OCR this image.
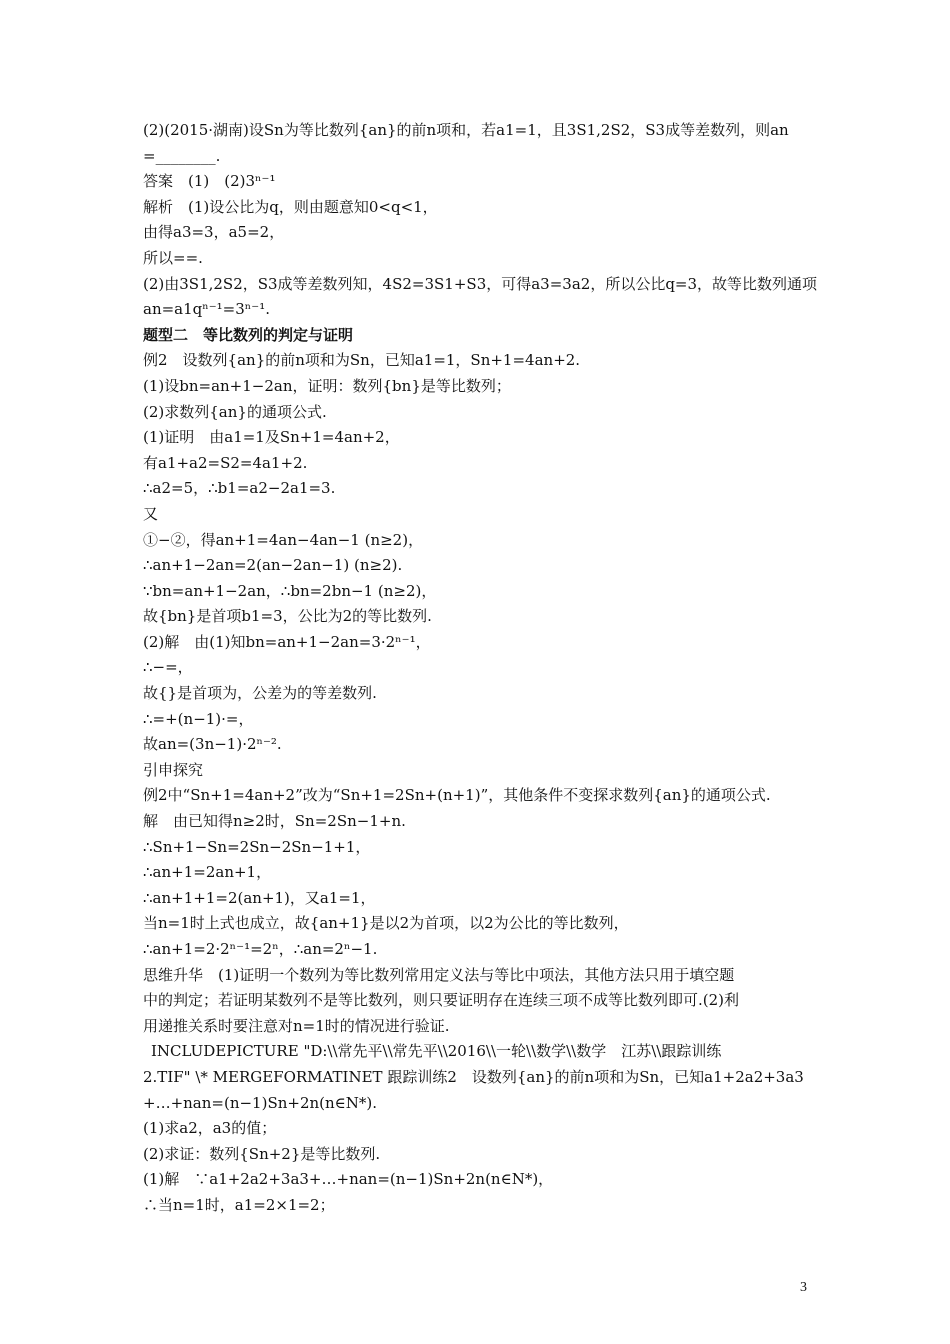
(2)(2015·湖南)设Sn为等比数列{an}的前n项和，若a1=1，且3S1,2S2，S3成等差数列，则an
=________.
答案　(1)　(2)3ⁿ⁻¹
解析　(1)设公比为q，则由题意知0<q<1，
由得a3=3，a5=2，
所以==.
(2)由3S1,2S2，S3成等差数列知，4S2=3S1+S3，可得a3=3a2，所以公比q=3，故等比数列通项
an=a1qⁿ⁻¹=3ⁿ⁻¹.
题型二　等比数列的判定与证明
例2　设数列{an}的前n项和为Sn，已知a1=1，Sn+1=4an+2.
(1)设bn=an+1−2an，证明：数列{bn}是等比数列；
(2)求数列{an}的通项公式.
(1)证明　由a1=1及Sn+1=4an+2，
有a1+a2=S2=4a1+2.
∴a2=5，∴b1=a2−2a1=3.
又
①−②，得an+1=4an−4an−1 (n≥2)，
∴an+1−2an=2(an−2an−1) (n≥2).
∵bn=an+1−2an，∴bn=2bn−1 (n≥2)，
故{bn}是首项b1=3，公比为2的等比数列.
(2)解　由(1)知bn=an+1−2an=3·2ⁿ⁻¹，
∴−=，
故{}是首项为，公差为的等差数列.
∴=+(n−1)·=，
故an=(3n−1)·2ⁿ⁻².
引申探究
例2中“Sn+1=4an+2”改为“Sn+1=2Sn+(n+1)”，其他条件不变探求数列{an}的通项公式.
解　由已知得n≥2时，Sn=2Sn−1+n.
∴Sn+1−Sn=2Sn−2Sn−1+1，
∴an+1=2an+1，
∴an+1+1=2(an+1)，又a1=1，
当n=1时上式也成立，故{an+1}是以2为首项，以2为公比的等比数列，
∴an+1=2·2ⁿ⁻¹=2ⁿ，∴an=2ⁿ−1.
思维升华　(1)证明一个数列为等比数列常用定义法与等比中项法，其他方法只用于填空题
中的判定；若证明某数列不是等比数列，则只要证明存在连续三项不成等比数列即可.(2)利
用递推关系时要注意对n=1时的情况进行验证.
INCLUDEPICTURE "D:\\常先平\\常先平\\2016\\一轮\\数学\\数学　江苏\\跟踪训练
2.TIF" \* MERGEFORMATINET 跟踪训练2　设数列{an}的前n项和为Sn，已知a1+2a2+3a3
+…+nan=(n−1)Sn+2n(n∈N*).
(1)求a2，a3的值；
(2)求证：数列{Sn+2}是等比数列.
(1)解　∵a1+2a2+3a3+…+nan=(n−1)Sn+2n(n∈N*)，
∴当n=1时，a1=2×1=2；
3
